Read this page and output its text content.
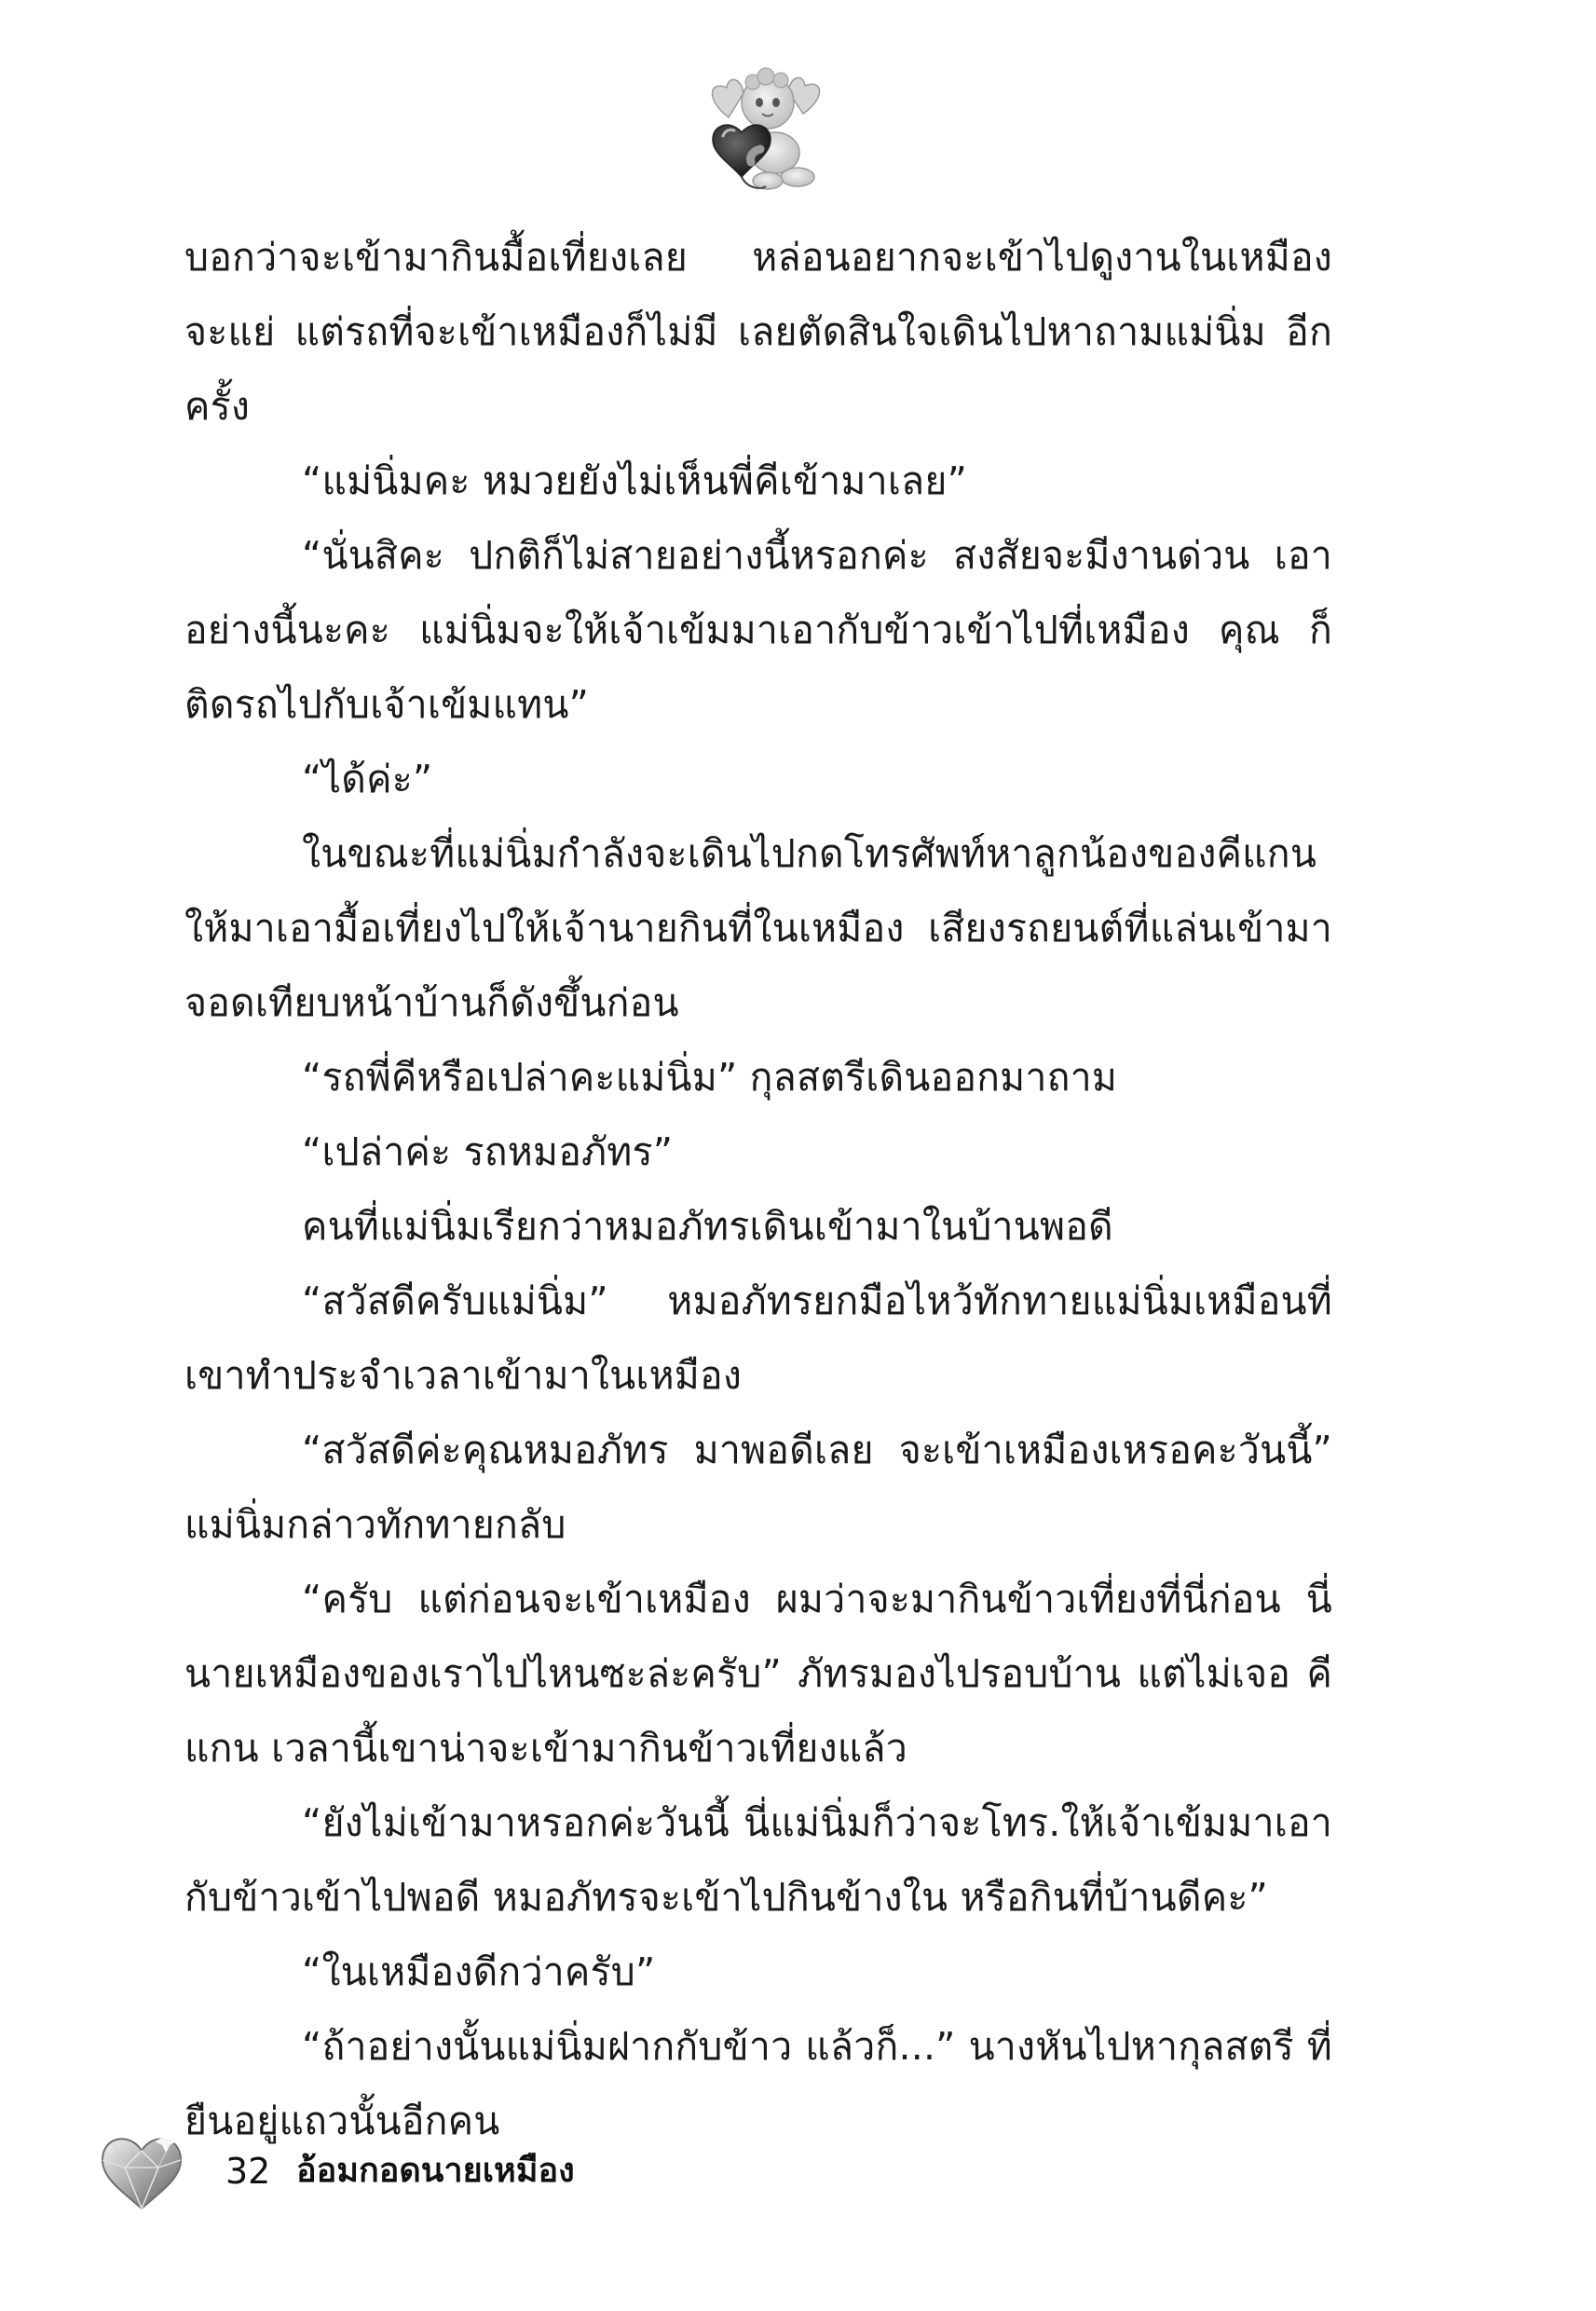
บอกว่าจะเข้ามากินมื้อเที่ยงเลย หล่อนอยากจะเข้าไปดูงานในเหมือง จะแย่ แต่รถที่จะเข้าเหมืองก็ไม่มี เลยตัดสินใจเดินไปหาถามแม่นิ่ม อีกครั้ง

“แม่นิ่มคะ หมวยยังไม่เห็นพี่คีเข้ามาเลย”

“นั่นสิคะ ปกติก็ไม่สายอย่างนี้หรอกค่ะ สงสัยจะมีงานด่วน เอาอย่างนี้นะคะ แม่นิ่มจะให้เจ้าเข้มมาเอากับข้าวเข้าไปที่เหมือง คุณ ก็ติดรถไปกับเจ้าเข้มแทน”

“ได้ค่ะ”

ในขณะที่แม่นิ่มกำลังจะเดินไปกดโทรศัพท์หาลูกน้องของคีแกน ให้มาเอามื้อเที่ยงไปให้เจ้านายกินที่ในเหมือง เสียงรถยนต์ที่แล่นเข้ามา จอดเทียบหน้าบ้านก็ดังขึ้นก่อน

“รถพี่คีหรือเปล่าคะแม่นิ่ม” กุลสตรีเดินออกมาถาม

“เปล่าค่ะ รถหมอภัทร”

คนที่แม่นิ่มเรียกว่าหมอภัทรเดินเข้ามาในบ้านพอดี

“สวัสดีครับแม่นิ่ม” หมอภัทรยกมือไหว้ทักทายแม่นิ่มเหมือนที่ เขาทำประจำเวลาเข้ามาในเหมือง

“สวัสดีค่ะคุณหมอภัทร มาพอดีเลย จะเข้าเหมืองเหรอคะวันนี้” แม่นิ่มกล่าวทักทายกลับ

“ครับ แต่ก่อนจะเข้าเหมือง ผมว่าจะมากินข้าวเที่ยงที่นี่ก่อน นี่นายเหมืองของเราไปไหนซะล่ะครับ” ภัทรมองไปรอบบ้าน แต่ไม่เจอ คีแกน เวลานี้เขาน่าจะเข้ามากินข้าวเที่ยงแล้ว

“ยังไม่เข้ามาหรอกค่ะวันนี้ นี่แม่นิ่มก็ว่าจะโทร.ให้เจ้าเข้มมาเอา กับข้าวเข้าไปพอดี หมอภัทรจะเข้าไปกินข้างใน หรือกินที่บ้านดีคะ”

“ในเหมืองดีกว่าครับ”

“ถ้าอย่างนั้นแม่นิ่มฝากกับข้าว แล้วก็...” นางหันไปหากุลสตรี ที่ยืนอยู่แถวนั้นอีกคน

32 อ้อมกอดนายเหมือง
